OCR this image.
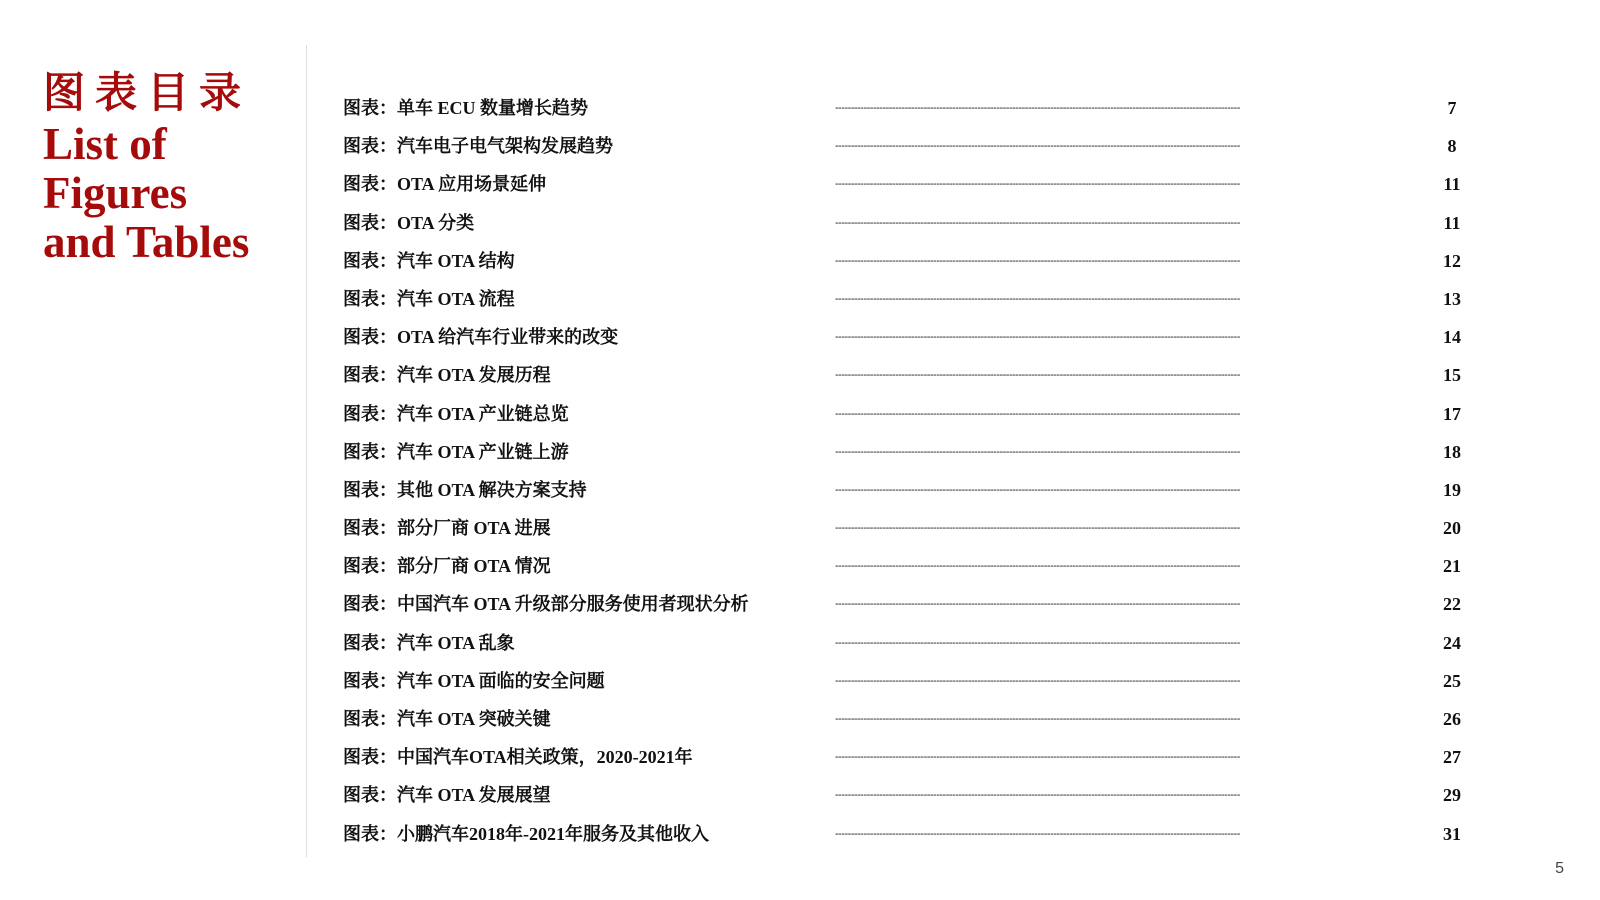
图表目录
List of
Figures
and Tables
图表：单车 ECU 数量增长趋势	--------------------------------------------------------------------------------------------------------------------------------	7
图表：汽车电子电气架构发展趋势	--------------------------------------------------------------------------------------------------------------------------------	8
图表：OTA 应用场景延伸	--------------------------------------------------------------------------------------------------------------------------------	11
图表：OTA 分类	--------------------------------------------------------------------------------------------------------------------------------	11
图表：汽车 OTA 结构	--------------------------------------------------------------------------------------------------------------------------------	12
图表：汽车 OTA 流程	--------------------------------------------------------------------------------------------------------------------------------	13
图表：OTA 给汽车行业带来的改变	--------------------------------------------------------------------------------------------------------------------------------	14
图表：汽车 OTA 发展历程	--------------------------------------------------------------------------------------------------------------------------------	15
图表：汽车 OTA 产业链总览	--------------------------------------------------------------------------------------------------------------------------------	17
图表：汽车 OTA 产业链上游	--------------------------------------------------------------------------------------------------------------------------------	18
图表：其他 OTA 解决方案支持	--------------------------------------------------------------------------------------------------------------------------------	19
图表：部分厂商 OTA 进展	--------------------------------------------------------------------------------------------------------------------------------	20
图表：部分厂商 OTA 情况	--------------------------------------------------------------------------------------------------------------------------------	21
图表：中国汽车 OTA 升级部分服务使用者现状分析	--------------------------------------------------------------------------------------------------------------------------------	22
图表：汽车 OTA 乱象	--------------------------------------------------------------------------------------------------------------------------------	24
图表：汽车 OTA 面临的安全问题	--------------------------------------------------------------------------------------------------------------------------------	25
图表：汽车 OTA 突破关键	--------------------------------------------------------------------------------------------------------------------------------	26
图表：中国汽车OTA相关政策，2020-2021年	--------------------------------------------------------------------------------------------------------------------------------	27
图表：汽车 OTA 发展展望	--------------------------------------------------------------------------------------------------------------------------------	29
图表：小鹏汽车2018年-2021年服务及其他收入	--------------------------------------------------------------------------------------------------------------------------------	31
5
